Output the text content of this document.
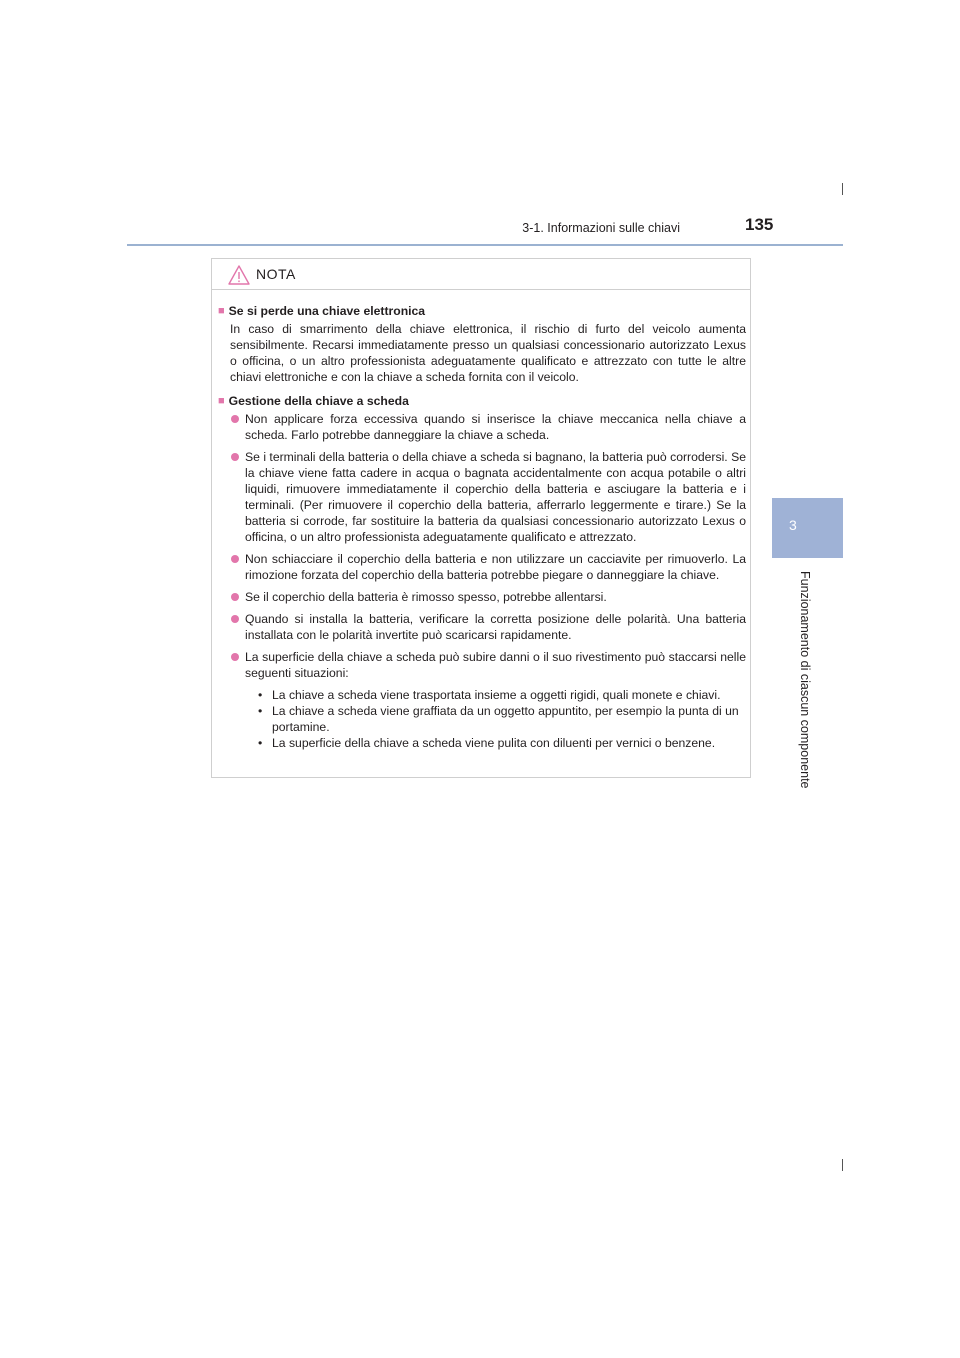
3-1. Informazioni sulle chiavi	135
3
Funzionamento di ciascun componente
NOTA
■ Se si perde una chiave elettronica
In caso di smarrimento della chiave elettronica, il rischio di furto del veicolo aumenta sensibilmente. Recarsi immediatamente presso un qualsiasi concessionario autorizzato Lexus o officina, o un altro professionista adeguatamente qualificato e attrezzato con tutte le altre chiavi elettroniche e con la chiave a scheda fornita con il veicolo.
■ Gestione della chiave a scheda
Non applicare forza eccessiva quando si inserisce la chiave meccanica nella chiave a scheda. Farlo potrebbe danneggiare la chiave a scheda.
Se i terminali della batteria o della chiave a scheda si bagnano, la batteria può corrodersi. Se la chiave viene fatta cadere in acqua o bagnata accidentalmente con acqua potabile o altri liquidi, rimuovere immediatamente il coperchio della batteria e asciugare la batteria e i terminali. (Per rimuovere il coperchio della batteria, afferrarlo leggermente e tirare.) Se la batteria si corrode, far sostituire la batteria da qualsiasi concessionario autorizzato Lexus o officina, o un altro professionista adeguatamente qualificato e attrezzato.
Non schiacciare il coperchio della batteria e non utilizzare un cacciavite per rimuoverlo. La rimozione forzata del coperchio della batteria potrebbe piegare o danneggiare la chiave.
Se il coperchio della batteria è rimosso spesso, potrebbe allentarsi.
Quando si installa la batteria, verificare la corretta posizione delle polarità. Una batteria installata con le polarità invertite può scaricarsi rapidamente.
La superficie della chiave a scheda può subire danni o il suo rivestimento può staccarsi nelle seguenti situazioni:
• La chiave a scheda viene trasportata insieme a oggetti rigidi, quali monete e chiavi.
• La chiave a scheda viene graffiata da un oggetto appuntito, per esempio la punta di un portamine.
• La superficie della chiave a scheda viene pulita con diluenti per vernici o benzene.
